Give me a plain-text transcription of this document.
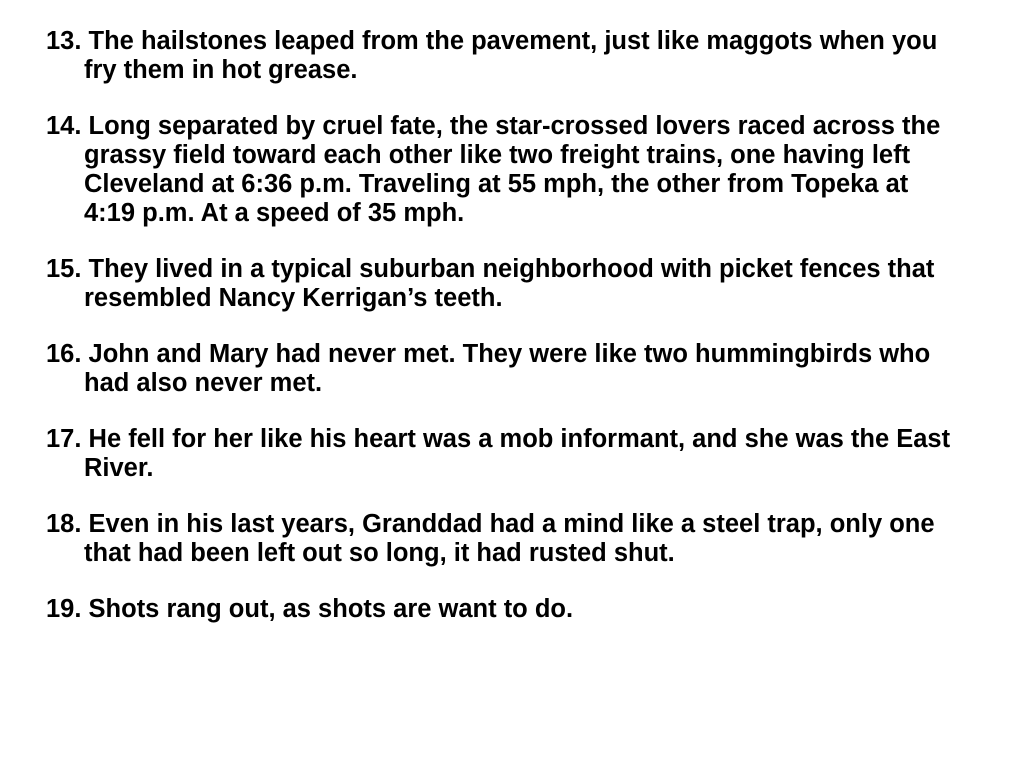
13. The hailstones leaped from the pavement, just like maggots when you fry them in hot grease.
14. Long separated by cruel fate, the star-crossed lovers raced across the grassy field toward each other like two freight trains, one having left Cleveland at 6:36 p.m. Traveling at 55 mph, the other from Topeka at 4:19 p.m. At a speed of 35 mph.
15. They lived in a typical suburban neighborhood with picket fences that resembled Nancy Kerrigan’s teeth.
16. John and Mary had never met. They were like two hummingbirds who had also never met.
17. He fell for her like his heart was a mob informant, and she was the East River.
18. Even in his last years, Granddad had a mind like a steel trap, only one that had been left out so long, it had rusted shut.
19. Shots rang out, as shots are want to do.
